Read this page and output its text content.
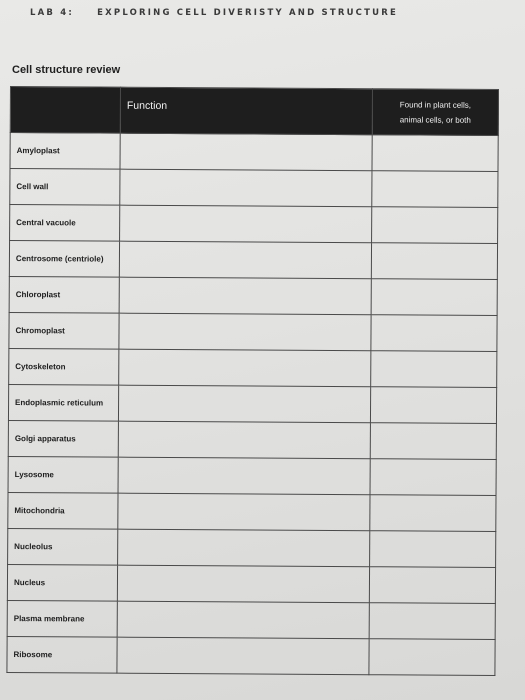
LAB 4:	EXPLORING CELL DIVERISTY AND STRUCTURE
Cell structure review
	Function	Found in plant cells,
animal cells, or both

Amyloplast		
Cell wall		
Central vacuole		
Centrosome (centriole)		
Chloroplast		
Chromoplast		
Cytoskeleton		
Endoplasmic reticulum		
Golgi apparatus		
Lysosome		
Mitochondria		
Nucleolus		
Nucleus		
Plasma membrane		
Ribosome		
